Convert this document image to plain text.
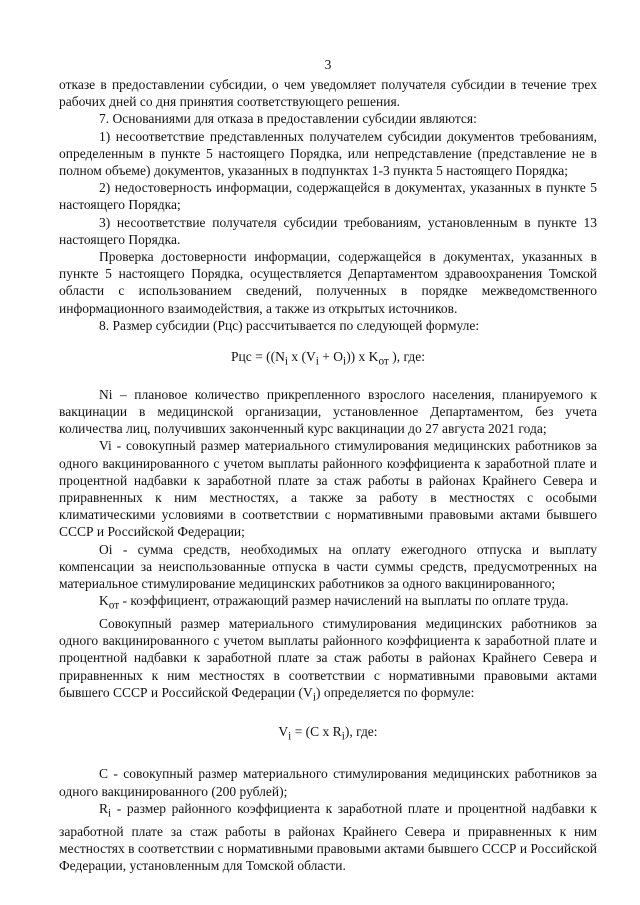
3

отказе в предоставлении субсидии, о чем уведомляет получателя субсидии в течение трех рабочих дней со дня принятия соответствующего решения.

7. Основаниями для отказа в предоставлении субсидии являются:

1) несоответствие представленных получателем субсидии документов требованиям, определенным в пункте 5 настоящего Порядка, или непредставление (представление не в полном объеме) документов, указанных в подпунктах 1-3 пункта 5 настоящего Порядка;

2) недостоверность информации, содержащейся в документах, указанных в пункте 5 настоящего Порядка;

3) несоответствие получателя субсидии требованиям, установленным в пункте 13 настоящего Порядка.

Проверка достоверности информации, содержащейся в документах, указанных в пункте 5 настоящего Порядка, осуществляется Департаментом здравоохранения Томской области с использованием сведений, полученных в порядке межведомственного информационного взаимодействия, а также из открытых источников.

8. Размер субсидии (Рцс) рассчитывается по следующей формуле:

Рцс = (($N_i$ x $(V_i + O_i)$) x $K_{от}$ ), где:

Ni – плановое количество прикрепленного взрослого населения, планируемого к вакцинации в медицинской организации, установленное Департаментом, без учета количества лиц, получивших законченный курс вакцинации до 27 августа 2021 года;

Vi - совокупный размер материального стимулирования медицинских работников за одного вакцинированного с учетом выплаты районного коэффициента к заработной плате и процентной надбавки к заработной плате за стаж работы в районах Крайнего Севера и приравненных к ним местностях, а также за работу в местностях с особыми климатическими условиями в соответствии с нормативными правовыми актами бывшего СССР и Российской Федерации;

Oi - сумма средств, необходимых на оплату ежегодного отпуска и выплату компенсации за неиспользованные отпуска в части суммы средств, предусмотренных на материальное стимулирование медицинских работников за одного вакцинированного;

$K_{от}$ - коэффициент, отражающий размер начислений на выплаты по оплате труда.

Совокупный размер материального стимулирования медицинских работников за одного вакцинированного с учетом выплаты районного коэффициента к заработной плате и процентной надбавки к заработной плате за стаж работы в районах Крайнего Севера и приравненных к ним местностях в соответствии с нормативными правовыми актами бывшего СССР и Российской Федерации $(V_i)$ определяется по формуле:

$V_i = (C$ x $R_i$), где:

С - совокупный размер материального стимулирования медицинских работников за одного вакцинированного (200 рублей);

$R_i$ - размер районного коэффициента к заработной плате и процентной надбавки к заработной плате за стаж работы в районах Крайнего Севера и приравненных к ним местностях в соответствии с нормативными правовыми актами бывшего СССР и Российской Федерации, установленным для Томской области.
